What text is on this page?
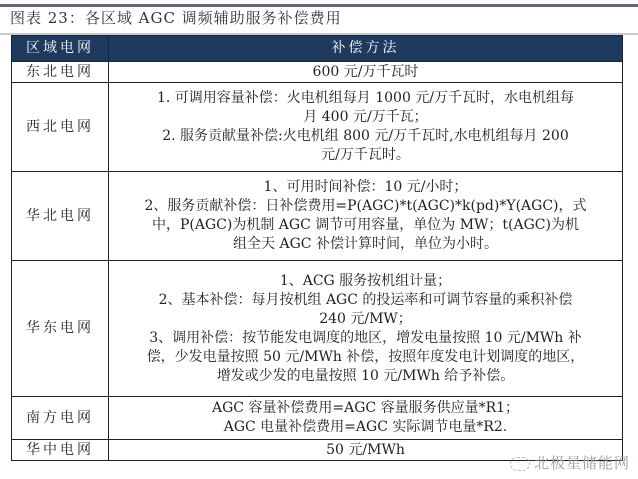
图表 23：各区域 AGC 调频辅助服务补偿费用
区域电网	补偿方法
东北电网	600 元/万千瓦时

西北电网	1. 可调用容量补偿：火电机组每月 1000 元/万千瓦时，水电机组每
月 400 元/万千瓦；
2. 服务贡献量补偿:火电机组 800 元/万千瓦时,水电机组每月 200
元/万千瓦时。

华北电网	1、可用时间补偿：10 元/小时；
2、服务贡献补偿：日补偿费用=P(AGC)*t(AGC)*k(pd)*Y(AGC)，式
中，P(AGC)为机制 AGC 调节可用容量，单位为 MW；t(AGC)为机
组全天 AGC 补偿计算时间，单位为小时。

华东电网	
1、ACG 服务按机组计量；
2、基本补偿：每月按机组 AGC 的投运率和可调节容量的乘积补偿
240 元/MW；
3、调用补偿：按节能发电调度的地区，增发电量按照 10 元/MWh 补
偿，少发电量按照 50 元/MWh 补偿，按照年度发电计划调度的地区，
增发或少发的电量按照 10 元/MWh 给予补偿。

南方电网	AGC 容量补偿费用=AGC 容量服务供应量*R1；
AGC 电量补偿费用=AGC 实际调节电量*R2.

华中电网	50 元/MWh
北极星储能网
